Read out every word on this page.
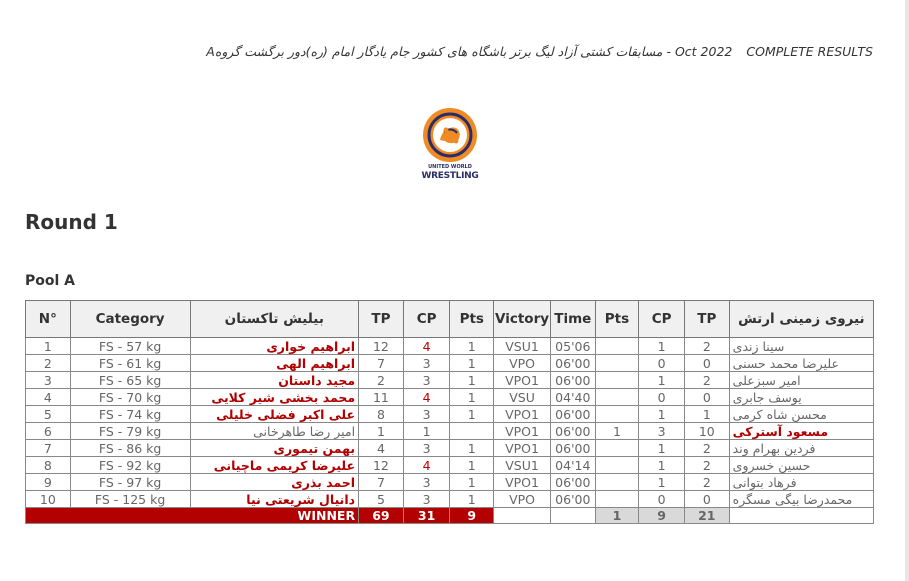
مسابقات کشتی آزاد لیگ برتر باشگاه های کشور جام یادگار امام (ره)دور برگشت گروهA - Oct 2022 COMPLETE RESULTS
UNITED WORLD
WRESTLING
Round 1
Pool A
N°	Category	بیلیش تاکستان	TP	CP	Pts	Victory	Time	Pts	CP	TP	نیروی زمینی ارتش
1	FS - 57 kg	ابراهیم خواری	12	4	1	VSU1	05'06		1	2	سینا زندی
2	FS - 61 kg	ابراهیم الهی	7	3	1	VPO	06'00		0	0	علیرضا محمد حسنی
3	FS - 65 kg	مجید داستان	2	3	1	VPO1	06'00		1	2	امیر سبزعلی
4	FS - 70 kg	محمد بخشی شیر کلایی	11	4	1	VSU	04'40		0	0	یوسف جابری
5	FS - 74 kg	علی اکبر فضلی خلیلی	8	3	1	VPO1	06'00		1	1	محسن شاه کرمی
6	FS - 79 kg	امیر رضا طاهرخانی	1	1		VPO1	06'00	1	3	10	مسعود آسترکی
7	FS - 86 kg	بهمن تیموری	4	3	1	VPO1	06'00		1	2	فردین بهرام وند
8	FS - 92 kg	علیرضا کریمی ماچیانی	12	4	1	VSU1	04'14		1	2	حسین خسروی
9	FS - 97 kg	احمد بذری	7	3	1	VPO1	06'00		1	2	فرهاد بتوانی
10	FS - 125 kg	دانیال شریعتی نیا	5	3	1	VPO	06'00		0	0	محمدرضا بیگی مسگره
WINNER			69	31	9			1	9	21	
